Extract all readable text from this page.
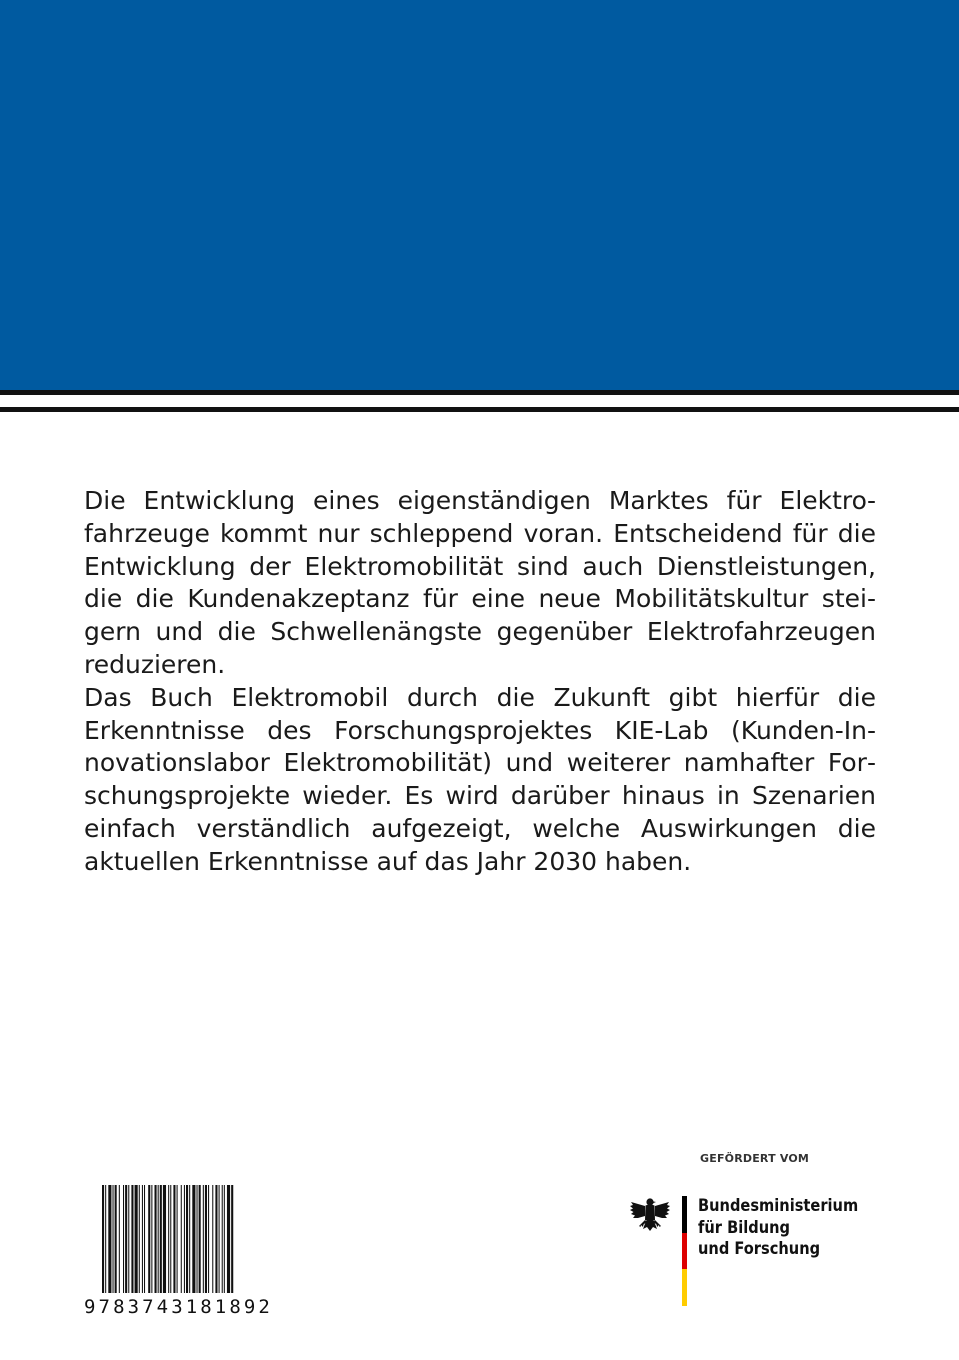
Die Entwicklung eines eigenständigen Marktes für Elektrofahrzeuge kommt nur schleppend voran. Entscheidend für die Entwicklung der Elektromobilität sind auch Dienstleistungen, die die Kundenakzeptanz für eine neue Mobilitätskultur steigern und die Schwellenängste gegenüber Elektrofahrzeugen reduzieren.

Das Buch Elektromobil durch die Zukunft gibt hierfür die Erkenntnisse des Forschungsprojektes KIE-Lab (Kunden-Innovationslabor Elektromobilität) und weiterer namhafter Forschungsprojekte wieder. Es wird darüber hinaus in Szenarien einfach verständlich aufgezeigt, welche Auswirkungen die aktuellen Erkenntnisse auf das Jahr 2030 haben.

GEFÖRDERT VOM
Bundesministerium
für Bildung
und Forschung
9 7 8 3 7 4 3 1 8 1 8 9 2
